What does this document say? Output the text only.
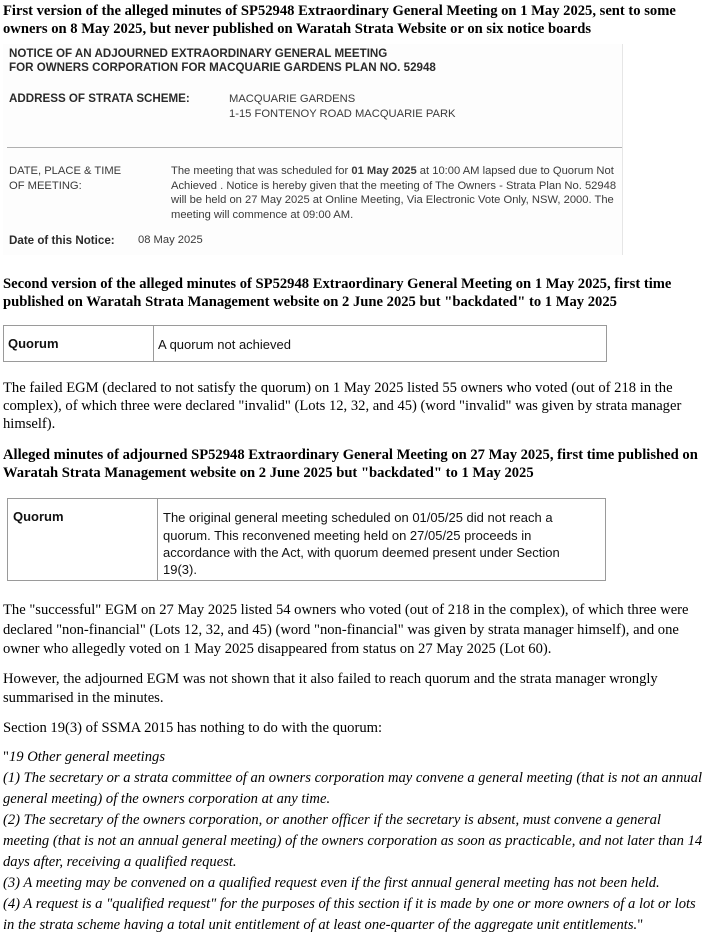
First version of the alleged minutes of SP52948 Extraordinary General Meeting on 1 May 2025, sent to some owners on 8 May 2025, but never published on Waratah Strata Website or on six notice boards

NOTICE OF AN ADJOURNED EXTRAORDINARY GENERAL MEETING
FOR OWNERS CORPORATION FOR MACQUARIE GARDENS PLAN NO. 52948
ADDRESS OF STRATA SCHEME:	MACQUARIE GARDENS
1-15 FONTENOY ROAD MACQUARIE PARK
DATE, PLACE & TIME
OF MEETING:
The meeting that was scheduled for 01 May 2025 at 10:00 AM lapsed due to Quorum Not Achieved . Notice is hereby given that the meeting of The Owners - Strata Plan No. 52948 will be held on 27 May 2025 at Online Meeting, Via Electronic Vote Only, NSW, 2000. The meeting will commence at 09:00 AM.
Date of this Notice: 08 May 2025

Second version of the alleged minutes of SP52948 Extraordinary General Meeting on 1 May 2025, first time published on Waratah Strata Management website on 2 June 2025 but "backdated" to 1 May 2025

Quorum	A quorum not achieved

The failed EGM (declared to not satisfy the quorum) on 1 May 2025 listed 55 owners who voted (out of 218 in the complex), of which three were declared "invalid" (Lots 12, 32, and 45) (word "invalid" was given by strata manager himself).

Alleged minutes of adjourned SP52948 Extraordinary General Meeting on 27 May 2025, first time published on Waratah Strata Management website on 2 June 2025 but "backdated" to 1 May 2025

Quorum	The original general meeting scheduled on 01/05/25 did not reach a quorum. This reconvened meeting held on 27/05/25 proceeds in accordance with the Act, with quorum deemed present under Section 19(3).

The "successful" EGM on 27 May 2025 listed 54 owners who voted (out of 218 in the complex), of which three were declared "non-financial" (Lots 12, 32, and 45) (word "non-financial" was given by strata manager himself), and one owner who allegedly voted on 1 May 2025 disappeared from status on 27 May 2025 (Lot 60).

However, the adjourned EGM was not shown that it also failed to reach quorum and the strata manager wrongly summarised in the minutes.

Section 19(3) of SSMA 2015 has nothing to do with the quorum:

"19 Other general meetings

(1) The secretary or a strata committee of an owners corporation may convene a general meeting (that is not an annual general meeting) of the owners corporation at any time.

(2) The secretary of the owners corporation, or another officer if the secretary is absent, must convene a general meeting (that is not an annual general meeting) of the owners corporation as soon as practicable, and not later than 14 days after, receiving a qualified request.

(3) A meeting may be convened on a qualified request even if the first annual general meeting has not been held.

(4) A request is a "qualified request" for the purposes of this section if it is made by one or more owners of a lot or lots in the strata scheme having a total unit entitlement of at least one-quarter of the aggregate unit entitlements."
